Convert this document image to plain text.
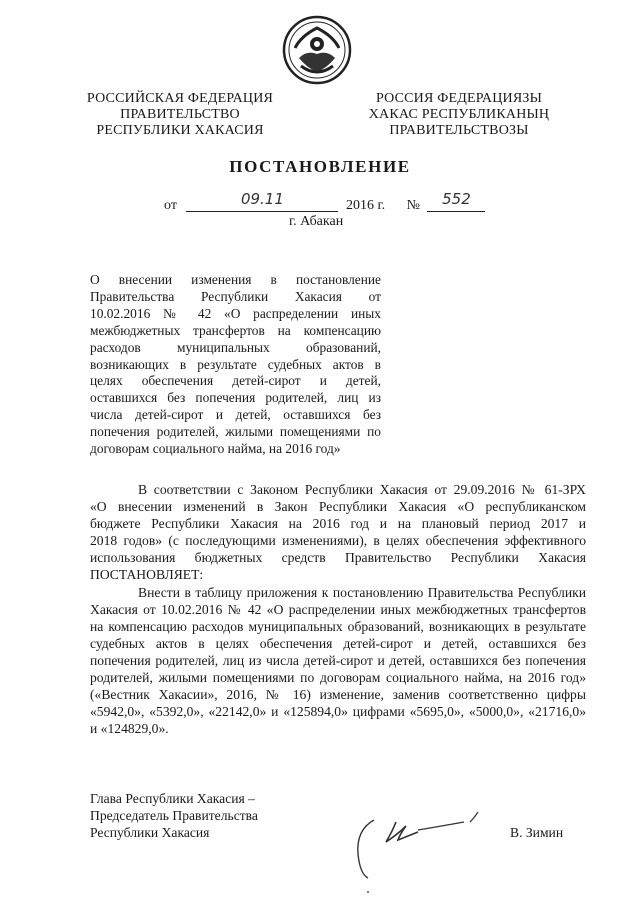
РОССИЙСКАЯ ФЕДЕРАЦИЯ
ПРАВИТЕЛЬСТВО
РЕСПУБЛИКИ ХАКАСИЯ
РОССИЯ ФЕДЕРАЦИЯЗЫ
ХАКАС РЕСПУБЛИКАНЫҢ
ПРАВИТЕЛЬСТВОЗЫ
ПОСТАНОВЛЕНИЕ
от	09.11	2016 г. № 552
г. Абакан
О внесении изменения в постановление
Правительства Республики Хакасия от
10.02.2016 № 42 «О распределении иных
межбюджетных трансфертов на компенсацию
расходов муниципальных образований,
возникающих в результате судебных актов в
целях обеспечения детей-сирот и детей,
оставшихся без попечения родителей, лиц из
числа детей-сирот и детей, оставшихся без
попечения родителей, жилыми помещениями по
договорам социального найма, на 2016 год»
В соответствии с Законом Республики Хакасия от 29.09.2016 № 61-ЗРХ
«О внесении изменений в Закон Республики Хакасия «О республиканском
бюджете Республики Хакасия на 2016 год и на плановый период 2017 и
2018 годов» (с последующими изменениями), в целях обеспечения эффективного
использования бюджетных средств Правительство Республики Хакасия
ПОСТАНОВЛЯЕТ:
Внести в таблицу приложения к постановлению Правительства Республики
Хакасия от 10.02.2016 № 42 «О распределении иных межбюджетных трансфертов
на компенсацию расходов муниципальных образований, возникающих в результате
судебных актов в целях обеспечения детей-сирот и детей, оставшихся без
попечения родителей, лиц из числа детей-сирот и детей, оставшихся без попечения
родителей, жилыми помещениями по договорам социального найма, на 2016 год»
(«Вестник Хакасии», 2016, № 16) изменение, заменив соответственно цифры
«5942,0», «5392,0», «22142,0» и «125894,0» цифрами «5695,0», «5000,0», «21716,0»
и «124829,0».
Глава Республики Хакасия –
Председатель Правительства
Республики Хакасия	В. Зимин
